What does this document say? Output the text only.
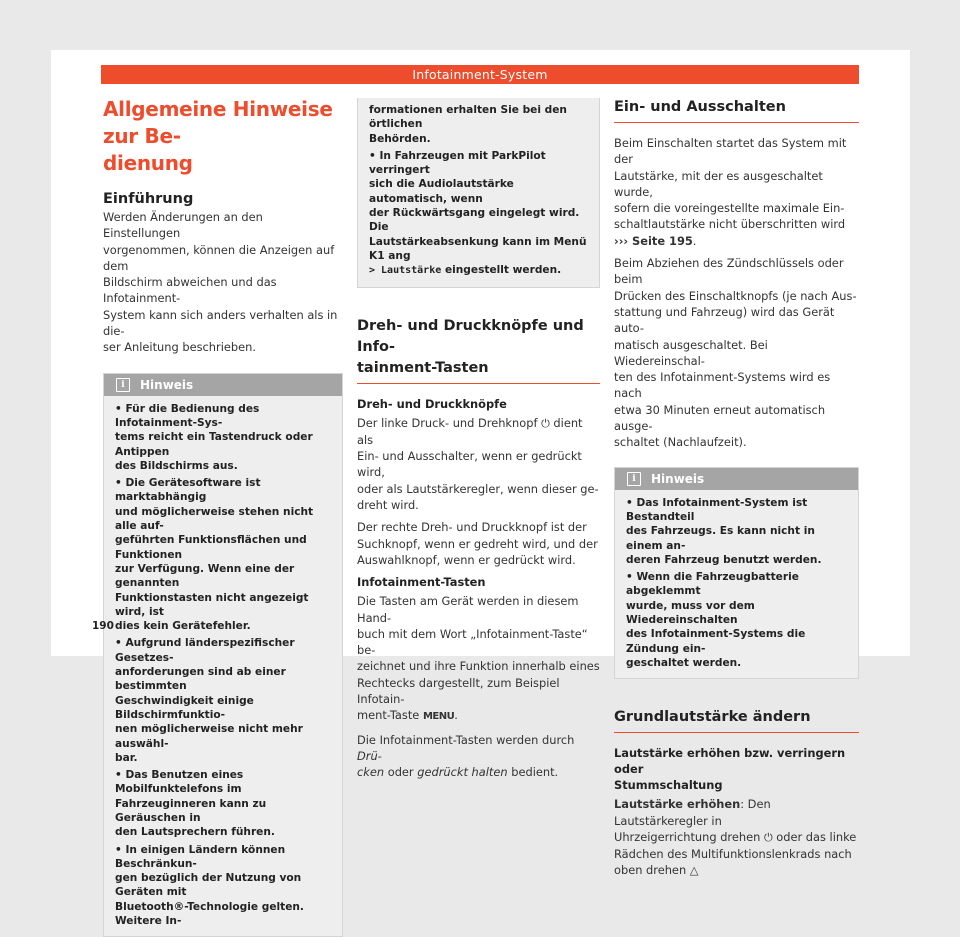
Infotainment-System
Allgemeine Hinweise zur Be-
dienung
Einführung

Werden Änderungen an den Einstellungen
vorgenommen, können die Anzeigen auf dem
Bildschirm abweichen und das Infotainment-
System kann sich anders verhalten als in die-
ser Anleitung beschrieben.

i	Hinweis

• Für die Bedienung des Infotainment-Sys-
tems reicht ein Tastendruck oder Antippen
des Bildschirms aus.

• Die Gerätesoftware ist marktabhängig
und möglicherweise stehen nicht alle auf-
geführten Funktionsflächen und Funktionen
zur Verfügung. Wenn eine der genannten
Funktionstasten nicht angezeigt wird, ist
dies kein Gerätefehler.

• Aufgrund länderspezifischer Gesetzes-
anforderungen sind ab einer bestimmten
Geschwindigkeit einige Bildschirmfunktio-
nen möglicherweise nicht mehr auswähl-
bar.

• Das Benutzen eines Mobilfunktelefons im
Fahrzeuginneren kann zu Geräuschen in
den Lautsprechern führen.

• In einigen Ländern können Beschränkun-
gen bezüglich der Nutzung von Geräten mit
Bluetooth®-Technologie gelten. Weitere In-

formationen erhalten Sie bei den örtlichen
Behörden.

• In Fahrzeugen mit ParkPilot verringert
sich die Audiolautstärke automatisch, wenn
der Rückwärtsgang eingelegt wird. Die
Lautstärkeabsenkung kann im Menü K1 ang
> Lautstärke eingestellt werden.

Dreh- und Druckknöpfe und Info-
tainment-Tasten

Dreh- und Druckknöpfe

Der linke Druck- und Drehknopf ⏻ dient als
Ein- und Ausschalter, wenn er gedrückt wird,
oder als Lautstärkeregler, wenn dieser ge-
dreht wird.

Der rechte Dreh- und Druckknopf ist der
Suchknopf, wenn er gedreht wird, und der
Auswahlknopf, wenn er gedrückt wird.

Infotainment-Tasten

Die Tasten am Gerät werden in diesem Hand-
buch mit dem Wort „Infotainment-Taste“ be-
zeichnet und ihre Funktion innerhalb eines
Rechtecks dargestellt, zum Beispiel Infotain-
ment-Taste MENU.

Die Infotainment-Tasten werden durch Drü-
cken oder gedrückt halten bedient.

Ein- und Ausschalten

Beim Einschalten startet das System mit der
Lautstärke, mit der es ausgeschaltet wurde,
sofern die voreingestellte maximale Ein-
schaltlautstärke nicht überschritten wird
››› Seite 195.

Beim Abziehen des Zündschlüssels oder beim
Drücken des Einschaltknopfs (je nach Aus-
stattung und Fahrzeug) wird das Gerät auto-
matisch ausgeschaltet. Bei Wiedereinschal-
ten des Infotainment-Systems wird es nach
etwa 30 Minuten erneut automatisch ausge-
schaltet (Nachlaufzeit).

i	Hinweis

• Das Infotainment-System ist Bestandteil
des Fahrzeugs. Es kann nicht in einem an-
deren Fahrzeug benutzt werden.

• Wenn die Fahrzeugbatterie abgeklemmt
wurde, muss vor dem Wiedereinschalten
des Infotainment-Systems die Zündung ein-
geschaltet werden.

Grundlautstärke ändern

Lautstärke erhöhen bzw. verringern oder
Stummschaltung

Lautstärke erhöhen: Den Lautstärkeregler in
Uhrzeigerrichtung drehen ⏻ oder das linke
Rädchen des Multifunktionslenkrads nach
oben drehen △

190
